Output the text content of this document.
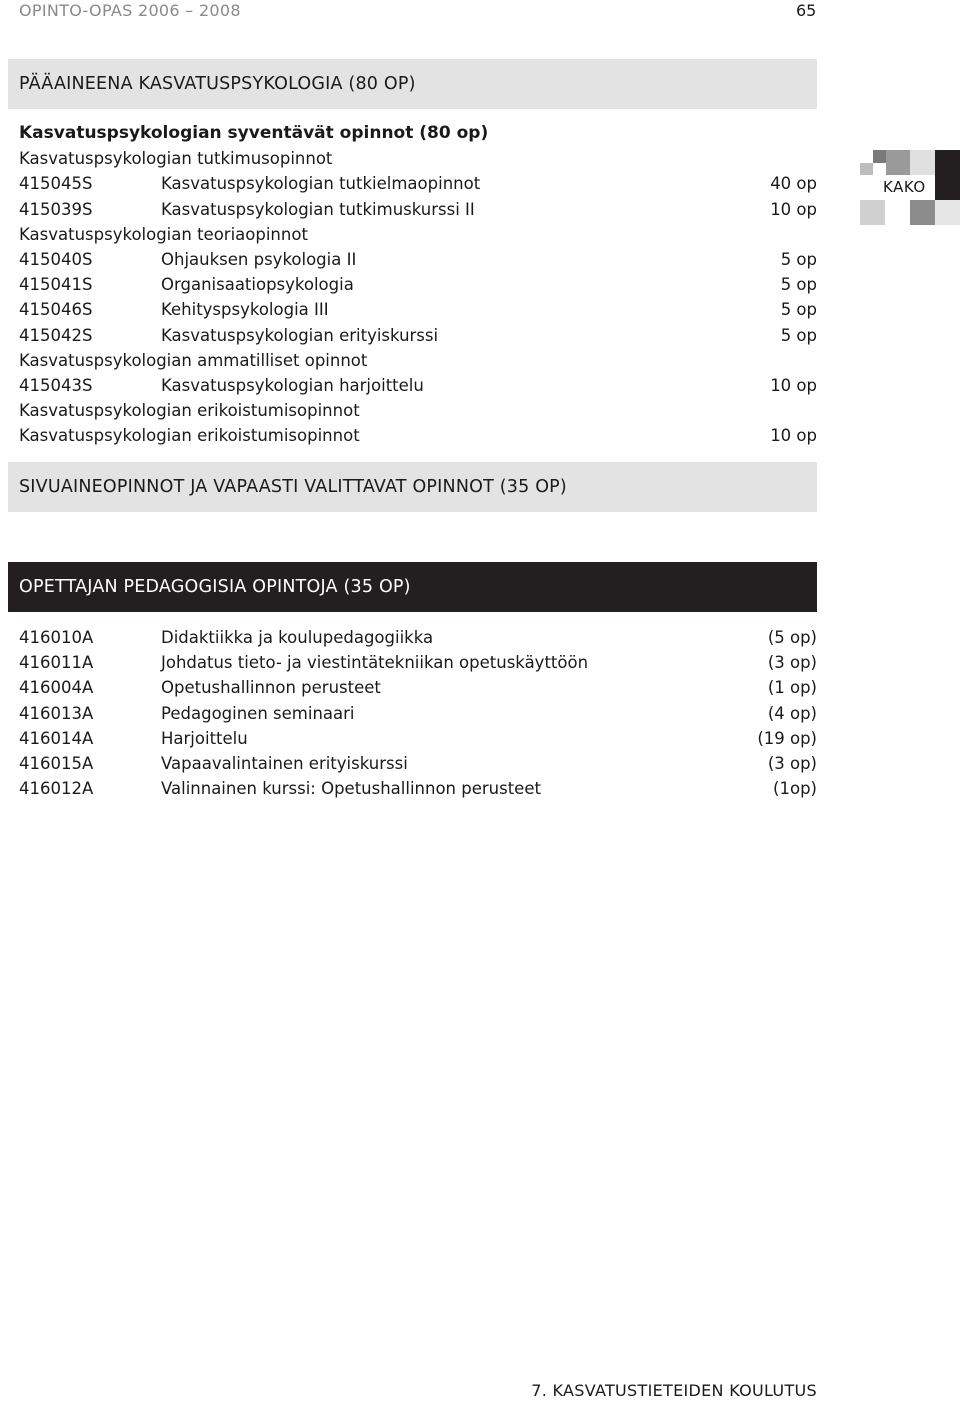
OPINTO-OPAS 2006 – 2008	65
PÄÄAINEENA KASVATUSPSYKOLOGIA (80 OP)
Kasvatuspsykologian syventävät opinnot (80 op)
Kasvatuspsykologian tutkimusopinnot
415045S	Kasvatuspsykologian tutkielmaopinnot	40 op
415039S	Kasvatuspsykologian tutkimuskurssi II	10 op
Kasvatuspsykologian teoriaopinnot
415040S	Ohjauksen psykologia II	5 op
415041S	Organisaatiopsykologia	5 op
415046S	Kehityspsykologia III	5 op
415042S	Kasvatuspsykologian erityiskurssi	5 op
Kasvatuspsykologian ammatilliset opinnot
415043S	Kasvatuspsykologian harjoittelu	10 op
Kasvatuspsykologian erikoistumisopinnot
Kasvatuspsykologian erikoistumisopinnot	10 op
SIVUAINEOPINNOT JA VAPAASTI VALITTAVAT OPINNOT (35 OP)
OPETTAJAN PEDAGOGISIA OPINTOJA (35 OP)
416010A	Didaktiikka ja koulupedagogiikka	(5 op)
416011A	Johdatus tieto- ja viestintätekniikan opetuskäyttöön	(3 op)
416004A	Opetushallinnon perusteet	(1 op)
416013A	Pedagoginen seminaari	(4 op)
416014A	Harjoittelu	(19 op)
416015A	Vapaavalintainen erityiskurssi	(3 op)
416012A	Valinnainen kurssi: Opetushallinnon perusteet	(1op)
KAKO
7. KASVATUSTIETEIDEN KOULUTUS
